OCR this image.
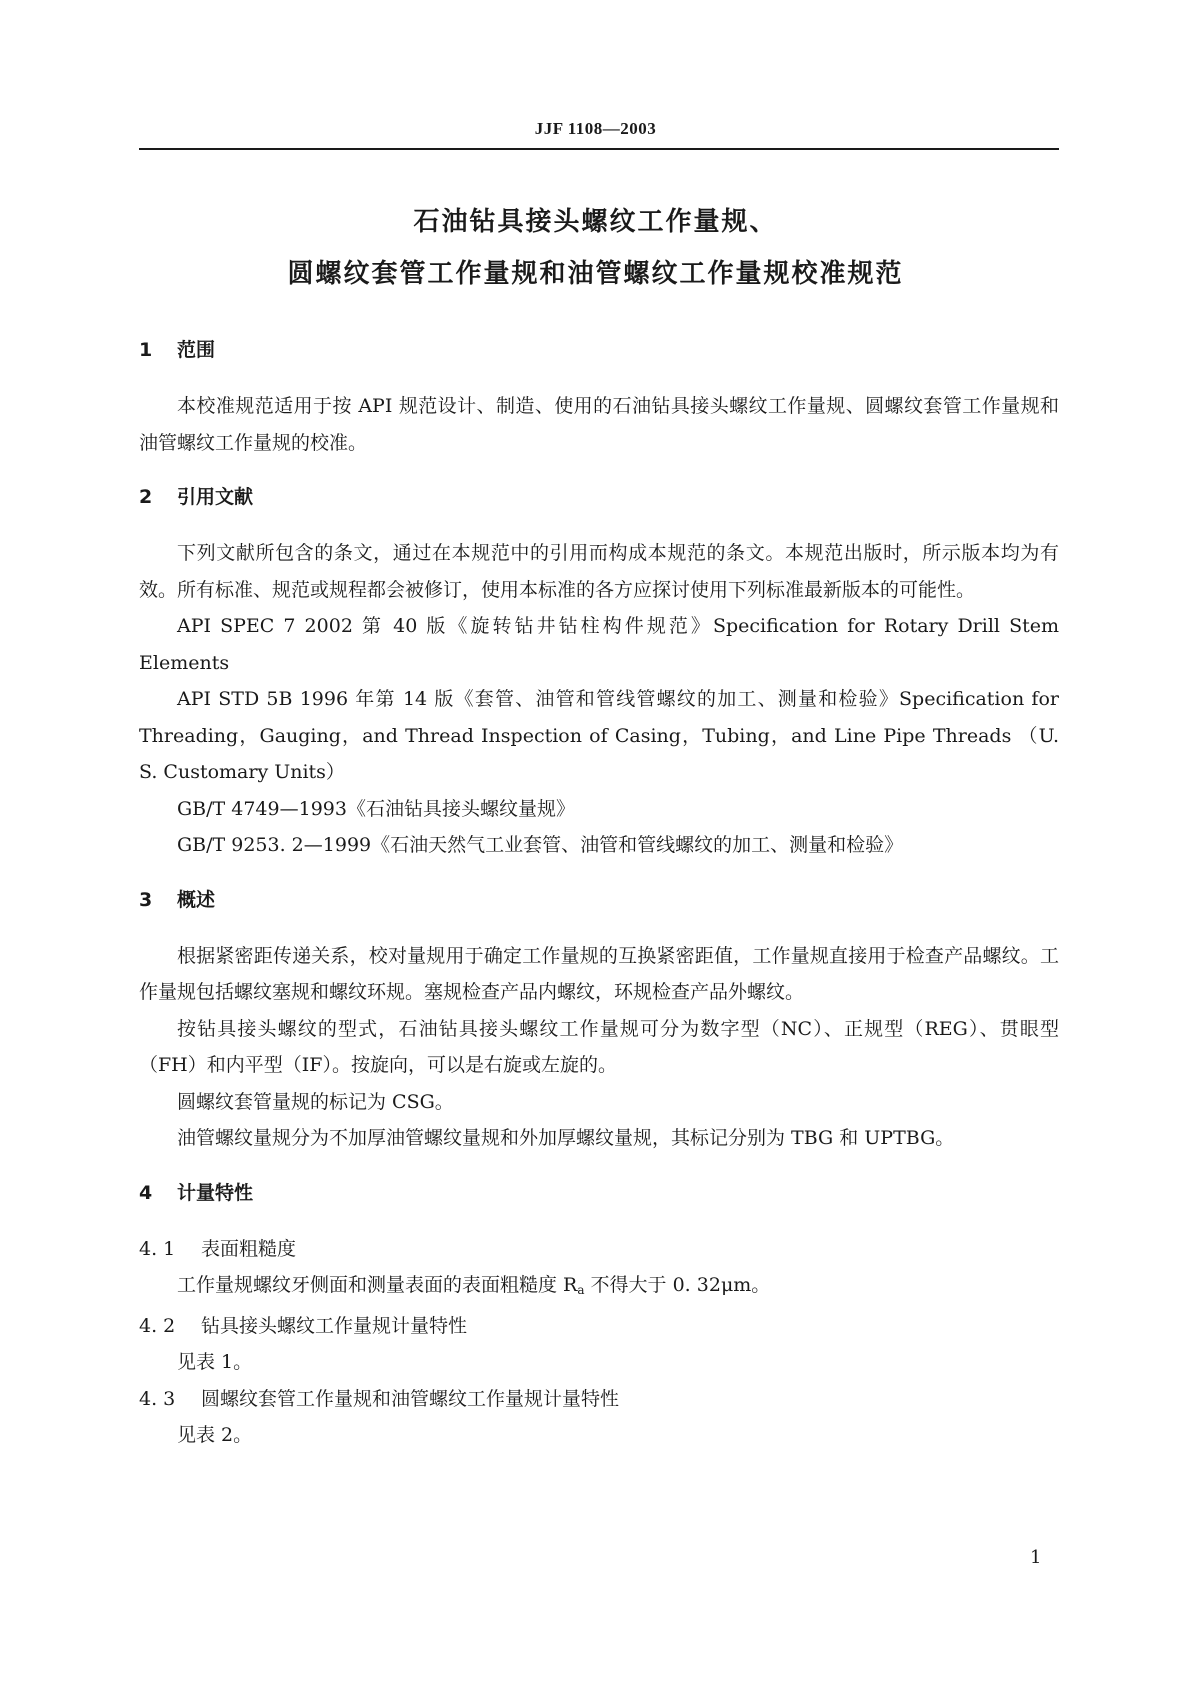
JJF 1108—2003
石油钻具接头螺纹工作量规、
圆螺纹套管工作量规和油管螺纹工作量规校准规范
1	范围

本校准规范适用于按 API 规范设计、制造、使用的石油钻具接头螺纹工作量规、圆螺纹套管工作量规和油管螺纹工作量规的校准。

2	引用文献

下列文献所包含的条文，通过在本规范中的引用而构成本规范的条文。本规范出版时，所示版本均为有效。所有标准、规范或规程都会被修订，使用本标准的各方应探讨使用下列标准最新版本的可能性。

API SPEC 7 2002 第 40 版《旋转钻井钻柱构件规范》Specification for Rotary Drill Stem Elements

API STD 5B 1996 年第 14 版《套管、油管和管线管螺纹的加工、测量和检验》Specification for Threading，Gauging，and Thread Inspection of Casing，Tubing，and Line Pipe Threads （U. S. Customary Units）

GB/T 4749—1993《石油钻具接头螺纹量规》

GB/T 9253. 2—1999《石油天然气工业套管、油管和管线螺纹的加工、测量和检验》

3	概述

根据紧密距传递关系，校对量规用于确定工作量规的互换紧密距值，工作量规直接用于检查产品螺纹。工作量规包括螺纹塞规和螺纹环规。塞规检查产品内螺纹，环规检查产品外螺纹。

按钻具接头螺纹的型式，石油钻具接头螺纹工作量规可分为数字型（NC）、正规型（REG）、贯眼型（FH）和内平型（IF）。按旋向，可以是右旋或左旋的。

圆螺纹套管量规的标记为 CSG。

油管螺纹量规分为不加厚油管螺纹量规和外加厚螺纹量规，其标记分别为 TBG 和 UPTBG。

4	计量特性
4. 1	表面粗糙度
工作量规螺纹牙侧面和测量表面的表面粗糙度 $R_a$ 不得大于 0. 32μm。
4. 2	钻具接头螺纹工作量规计量特性
见表 1。
4. 3	圆螺纹套管工作量规和油管螺纹工作量规计量特性
见表 2。
1
